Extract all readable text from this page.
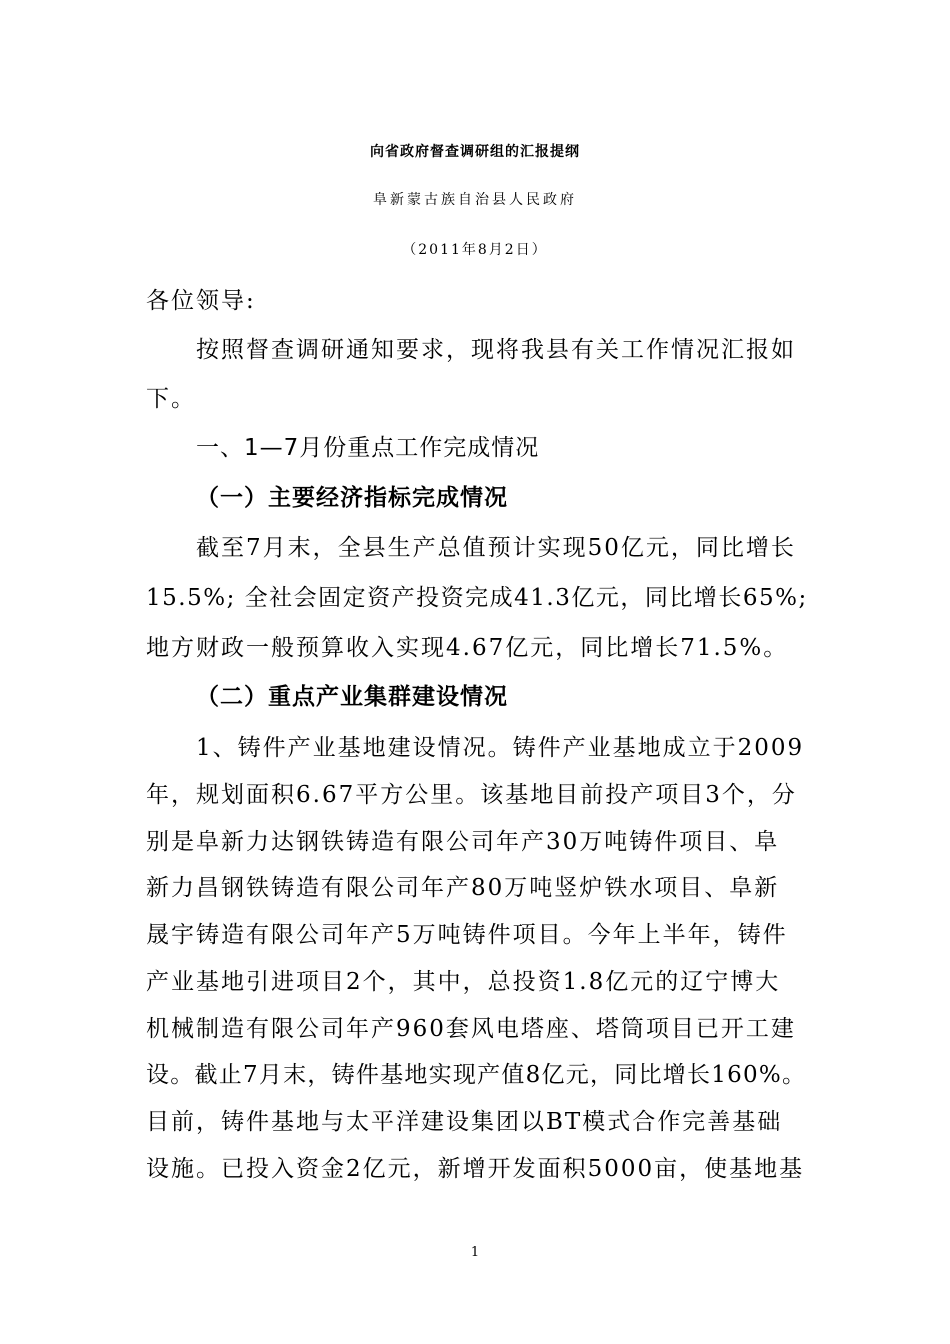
向省政府督查调研组的汇报提纲
阜新蒙古族自治县人民政府
（2011年8月2日）
各位领导:
　　按照督查调研通知要求，现将我县有关工作情况汇报如
下。
一、1—7月份重点工作完成情况
（一）主要经济指标完成情况
　　截至7月末，全县生产总值预计实现50亿元，同比增长
15.5%; 全社会固定资产投资完成41.3亿元，同比增长65%;
地方财政一般预算收入实现4.67亿元，同比增长71.5%。
（二）重点产业集群建设情况
　　1、铸件产业基地建设情况。铸件产业基地成立于2009
年，规划面积6.67平方公里。该基地目前投产项目3个，分
别是阜新力达钢铁铸造有限公司年产30万吨铸件项目、阜
新力昌钢铁铸造有限公司年产80万吨竖炉铁水项目、阜新
晟宇铸造有限公司年产5万吨铸件项目。今年上半年，铸件
产业基地引进项目2个，其中，总投资1.8亿元的辽宁博大
机械制造有限公司年产960套风电塔座、塔筒项目已开工建
设。截止7月末，铸件基地实现产值8亿元，同比增长160%。
目前，铸件基地与太平洋建设集团以BT模式合作完善基础
设施。已投入资金2亿元，新增开发面积5000亩，使基地基
1
